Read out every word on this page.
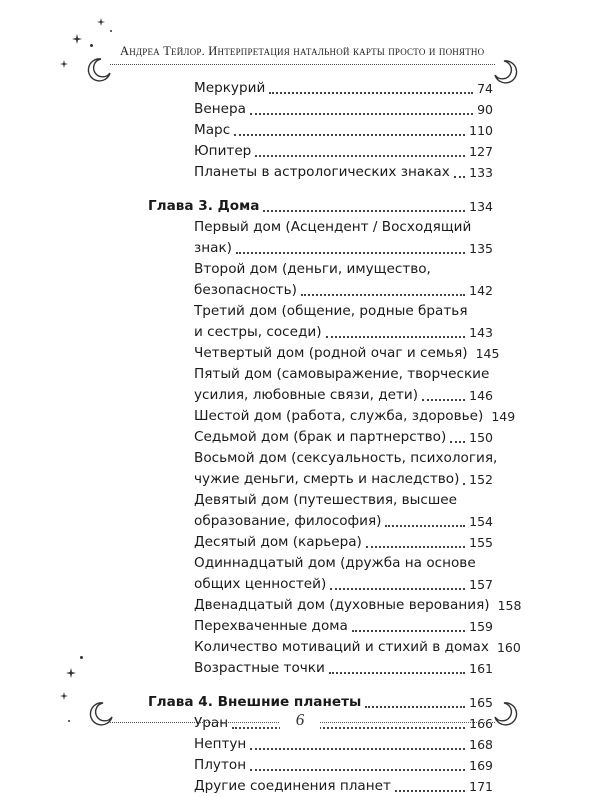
Андреа Тейлор. Интерпретация натальной карты просто и понятно
Меркурий	74
Венера	90
Марс	110
Юпитер	127
Планеты в астрологических знаках 133
Глава 3. Дома	134
Первый дом (Асцендент / Восходящий
знак)	135
Второй дом (деньги, имущество,
безопасность)	142
Третий дом (общение, родные братья
и сестры, соседи)	143
Четвертый дом (родной очаг и семья) 145
Пятый дом (самовыражение, творческие
усилия, любовные связи, дети)	146
Шестой дом (работа, служба, здоровье) 149
Седьмой дом (брак и партнерство) 150
Восьмой дом (сексуальность, психология,
чужие деньги, смерть и наследство) 152
Девятый дом (путешествия, высшее
образование, философия)	154
Десятый дом (карьера)	155
Одиннадцатый дом (дружба на основе
общих ценностей)	157
Двенадцатый дом (духовные верования) 158
Перехваченные дома	159
Количество мотиваций и стихий в домах 160
Возрастные точки	161
Глава 4. Внешние планеты	165
Уран	166
Нептун	168
Плутон	169
Другие соединения планет	171
6
